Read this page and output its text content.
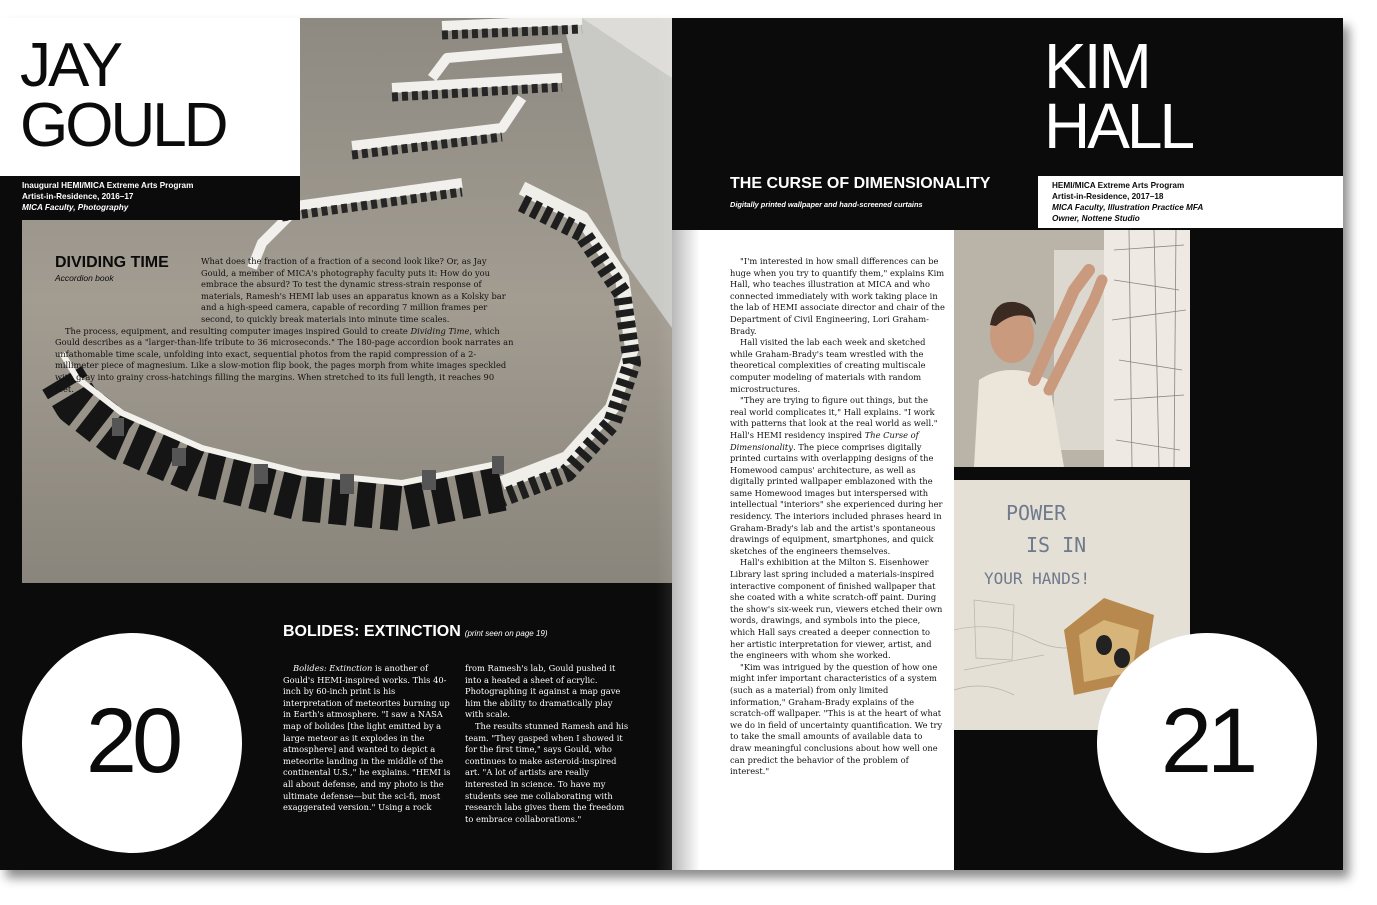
JAY
GOULD
Inaugural HEMI/MICA Extreme Arts Program
Artist-in-Residence, 2016–17
MICA Faculty, Photography
DIVIDING TIME
Accordion book

What does the fraction of a fraction of a second look like? Or, as Jay Gould, a member of MICA's photography faculty puts it: How do you embrace the absurd? To test the dynamic stress-strain response of materials, Ramesh's HEMI lab uses an apparatus known as a Kolsky bar and a high-speed camera, capable of recording 7 million frames per second, to quickly break materials into minute time scales.

The process, equipment, and resulting computer images inspired Gould to create Dividing Time, which Gould describes as a "larger-than-life tribute to 36 microseconds." The 180-page accordion book narrates an unfathomable time scale, unfolding into exact, sequential photos from the rapid compression of a 2-millimeter piece of magnesium. Like a slow-motion flip book, the pages morph from white images speckled with gray into grainy cross-hatchings filling the margins. When stretched to its full length, it reaches 90 feet.

BOLIDES: EXTINCTION (print seen on page 19)

Bolides: Extinction is another of Gould's HEMI-inspired works. This 40-inch by 60-inch print is his interpretation of meteorites burning up in Earth's atmosphere. "I saw a NASA map of bolides [the light emitted by a large meteor as it explodes in the atmosphere] and wanted to depict a meteorite landing in the middle of the continental U.S.," he explains. "HEMI is all about defense, and my photo is the ultimate defense—but the sci-fi, most exaggerated version." Using a rock

from Ramesh's lab, Gould pushed it into a heated a sheet of acrylic. Photographing it against a map gave him the ability to dramatically play with scale.

The results stunned Ramesh and his team. "They gasped when I showed it for the first time," says Gould, who continues to make asteroid-inspired art. "A lot of artists are really interested in science. To have my students see me collaborating with research labs gives them the freedom to embrace collaborations."

20
KIM
HALL
THE CURSE OF DIMENSIONALITY
Digitally printed wallpaper and hand-screened curtains
HEMI/MICA Extreme Arts Program
Artist-in-Residence, 2017–18
MICA Faculty, Illustration Practice MFA
Owner, Nottene Studio

"I'm interested in how small differences can be huge when you try to quantify them," explains Kim Hall, who teaches illustration at MICA and who connected immediately with work taking place in the lab of HEMI associate director and chair of the Department of Civil Engineering, Lori Graham-Brady.

Hall visited the lab each week and sketched while Graham-Brady's team wrestled with the theoretical complexities of creating multiscale computer modeling of materials with random microstructures.

"They are trying to figure out things, but the real world complicates it," Hall explains. "I work with patterns that look at the real world as well." Hall's HEMI residency inspired The Curse of Dimensionality. The piece comprises digitally printed curtains with overlapping designs of the Homewood campus' architecture, as well as digitally printed wallpaper emblazoned with the same Homewood images but interspersed with intellectual "interiors" she experienced during her residency. The interiors included phrases heard in Graham-Brady's lab and the artist's spontaneous drawings of equipment, smartphones, and quick sketches of the engineers themselves.

Hall's exhibition at the Milton S. Eisenhower Library last spring included a materials-inspired interactive component of finished wallpaper that she coated with a white scratch-off paint. During the show's six-week run, viewers etched their own words, drawings, and symbols into the piece, which Hall says created a deeper connection to her artistic interpretation for viewer, artist, and the engineers with whom she worked.

"Kim was intrigued by the question of how one might infer important characteristics of a system (such as a material) from only limited information," Graham-Brady explains of the scratch-off wallpaper. "This is at the heart of what we do in field of uncertainty quantification. We try to take the small amounts of available data to draw meaningful conclusions about how well one can predict the behavior of the problem of interest."

POWER
IS IN
YOUR HANDS!
21
